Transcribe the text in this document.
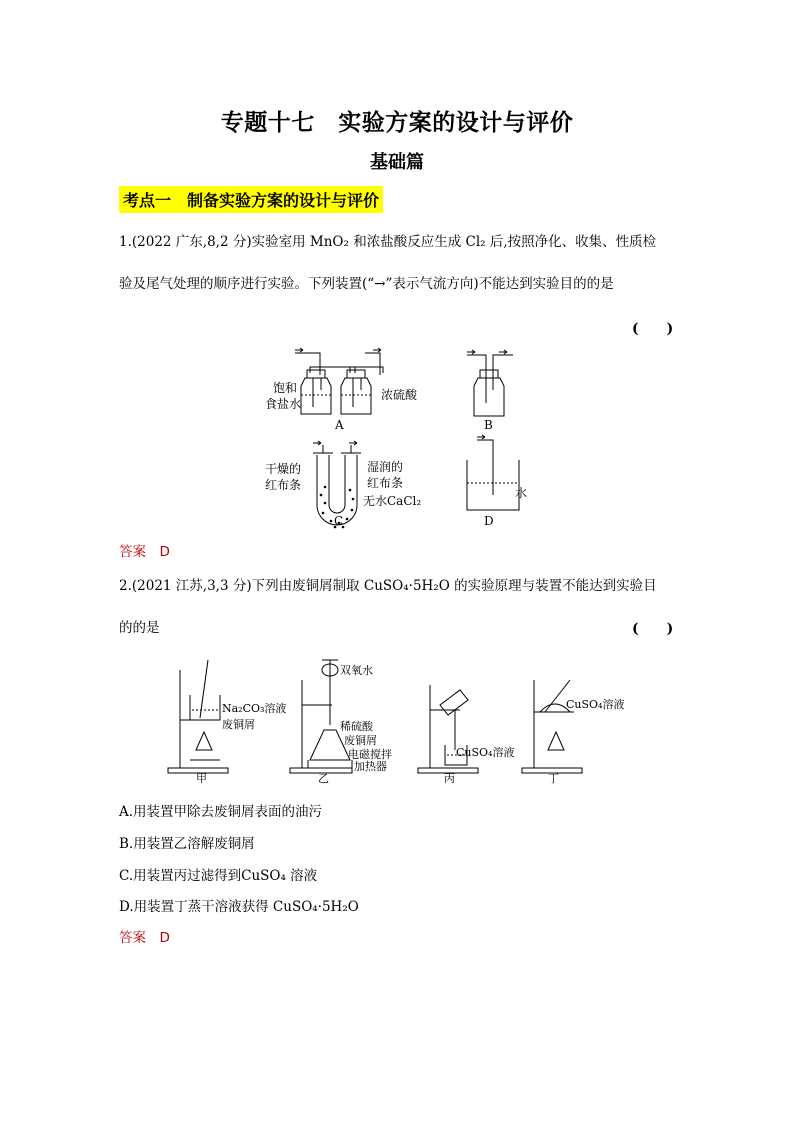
专题十七　实验方案的设计与评价
基础篇
考点一　制备实验方案的设计与评价
1.(2022 广东,8,2 分)实验室用 MnO₂ 和浓盐酸反应生成 Cl₂ 后,按照净化、收集、性质检
验及尾气处理的顺序进行实验。下列装置(“→”表示气流方向)不能达到实验目的的是
(　　)
饱和
食盐水
浓硫酸
A	B
干燥的
红布条
湿润的
红布条
无水CaCl₂
C
水
D
答案　D
2.(2021 江苏,3,3 分)下列由废铜屑制取 CuSO₄·5H₂O 的实验原理与装置不能达到实验目
的的是	(　　)
Na₂CO₃溶液
废铜屑
甲
双氧水
稀硫酸
废铜屑
电磁搅拌
加热器
乙
CuSO₄溶液
丙
CuSO₄溶液
丁
A.用装置甲除去废铜屑表面的油污
B.用装置乙溶解废铜屑
C.用装置丙过滤得到CuSO₄ 溶液
D.用装置丁蒸干溶液获得 CuSO₄·5H₂O
答案　D
